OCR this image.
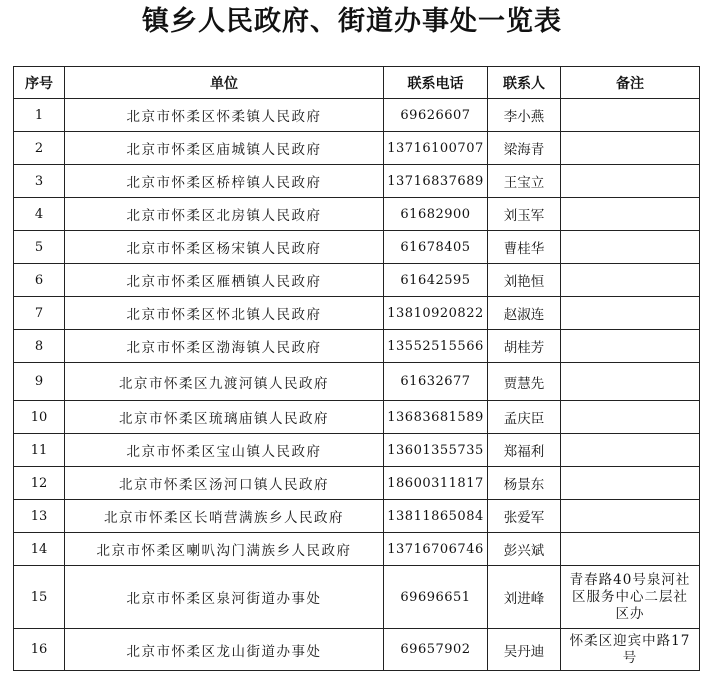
镇乡人民政府、街道办事处一览表
序号	单位	联系电话	联系人	备注
1	北京市怀柔区怀柔镇人民政府	69626607	李小燕	
2	北京市怀柔区庙城镇人民政府	13716100707	梁海青	
3	北京市怀柔区桥梓镇人民政府	13716837689	王宝立	
4	北京市怀柔区北房镇人民政府	61682900	刘玉军	
5	北京市怀柔区杨宋镇人民政府	61678405	曹桂华	
6	北京市怀柔区雁栖镇人民政府	61642595	刘艳恒	
7	北京市怀柔区怀北镇人民政府	13810920822	赵淑连	
8	北京市怀柔区渤海镇人民政府	13552515566	胡桂芳	
9	北京市怀柔区九渡河镇人民政府	61632677	贾慧先	
10	北京市怀柔区琉璃庙镇人民政府	13683681589	孟庆臣	
11	北京市怀柔区宝山镇人民政府	13601355735	郑福利	
12	北京市怀柔区汤河口镇人民政府	18600311817	杨景东	
13	北京市怀柔区长哨营满族乡人民政府	13811865084	张爱军	
14	北京市怀柔区喇叭沟门满族乡人民政府	13716706746	彭兴斌	
15	北京市怀柔区泉河街道办事处	69696651	刘进峰	青春路40号泉河社区服务中心二层社区办
16	北京市怀柔区龙山街道办事处	69657902	吴丹迪	怀柔区迎宾中路17号
